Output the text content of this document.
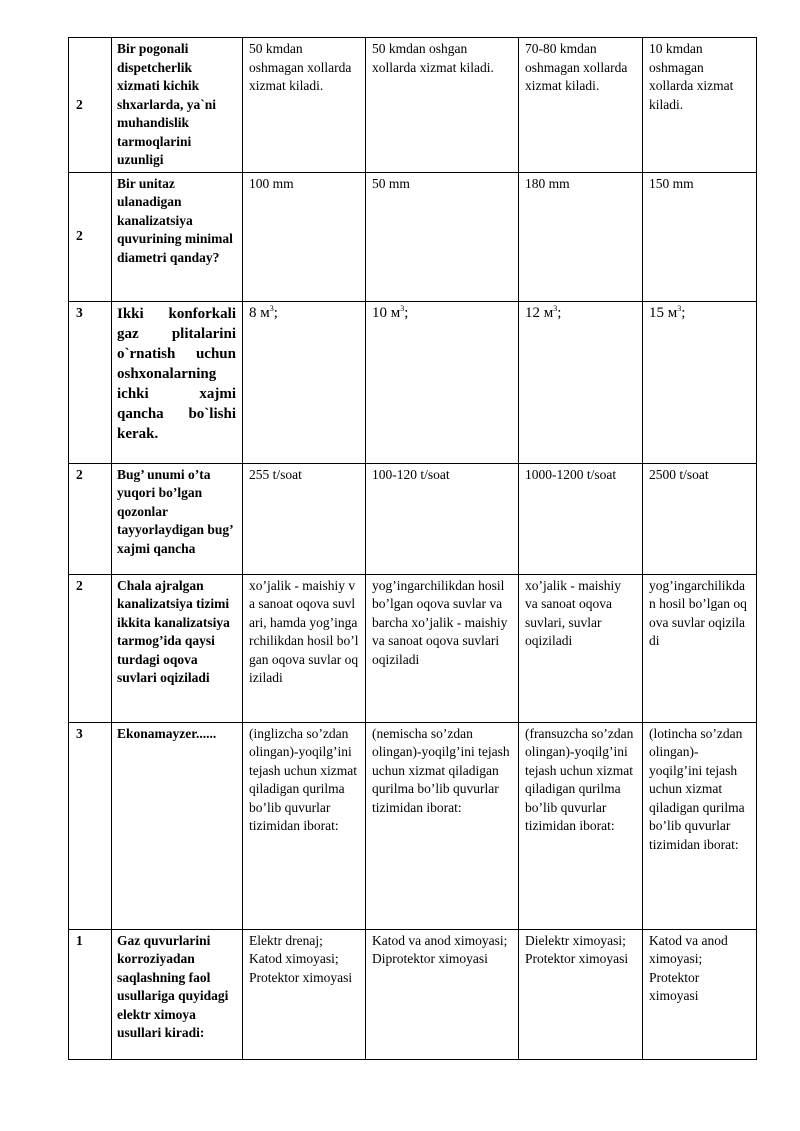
2	Bir pogonali dispetcherlik xizmati kichik shxarlarda, ya`ni muhandislik tarmoqlarini uzunligi	50 kmdan oshmagan xollarda xizmat kiladi.	50 kmdan oshgan xollarda xizmat kiladi.	70-80 kmdan oshmagan xollarda xizmat kiladi.	10 kmdan oshmagan xollarda xizmat kiladi.
2	Bir unitaz ulanadigan kanalizatsiya quvurining minimal diametri qanday?	100 mm	50 mm	180 mm	150 mm
3	Ikki konforkali gaz plitalarini o`rnatish uchun oshxonalarning ichki xajmi qancha bo`lishi kerak.	8 $м^3$;	10 $м^3$;	12 $м^3$;	15 $м^3$;
2	Bug’ unumi o’ta yuqori bo’lgan qozonlar tayyorlaydigan bug’ xajmi qancha	255 t/soat	100-120 t/soat	1000-1200 t/soat	2500 t/soat
2	Chala ajralgan kanalizatsiya tizimi ikkita kanalizatsiya tarmog’ida qaysi turdagi oqova suvlari oqiziladi	xo’jalik - maishiy va sanoat oqova suvlari, hamda yog’ingarchilikdan hosil bo’lgan oqova suvlar oqiziladi	yog’ingarchilikdan hosil bo’lgan oqova suvlar va barcha xo’jalik - maishiy va sanoat oqova suvlari oqiziladi	xo’jalik - maishiy va sanoat oqova suvlari, suvlar oqiziladi	yog’ingarchilikdan hosil bo’lgan oqova suvlar oqiziladi
3	Ekonamayzer......	(inglizcha so’zdan olingan)-yoqilg’ini tejash uchun xizmat qiladigan qurilma bo’lib quvurlar tizimidan iborat:	(nemischa so’zdan olingan)-yoqilg’ini tejash uchun xizmat qiladigan qurilma bo’lib quvurlar tizimidan iborat:	(fransuzcha so’zdan olingan)-yoqilg’ini tejash uchun xizmat qiladigan qurilma bo’lib quvurlar tizimidan iborat:	(lotincha so’zdan olingan)-yoqilg’ini tejash uchun xizmat qiladigan qurilma bo’lib quvurlar tizimidan iborat:
1	Gaz quvurlarini korroziyadan saqlashning faol usullariga quyidagi elektr ximoya usullari kiradi:	Elektr drenaj; Katod ximoyasi; Protektor ximoyasi	Katod va anod ximoyasi; Diprotektor ximoyasi	Dielektr ximoyasi; Protektor ximoyasi	Katod va anod ximoyasi; Protektor ximoyasi
